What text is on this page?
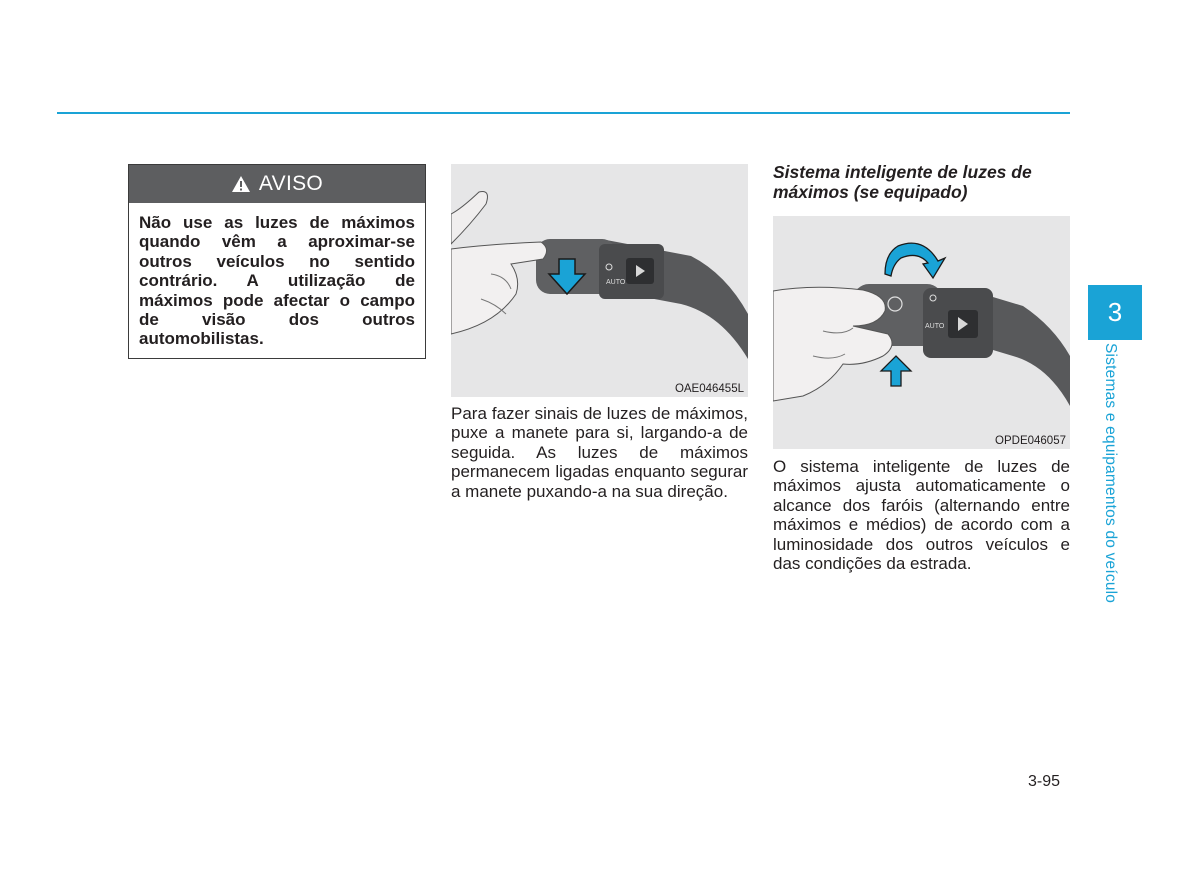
AVISO
Não use as luzes de máximos quando vêm a aproximar-se outros veículos no sentido contrário. A utilização de máximos pode afectar o campo de visão dos outros automobilistas.
AUTO
OAE046455L
Para fazer sinais de luzes de máximos, puxe a manete para si, largando-a de seguida. As luzes de máximos permanecem ligadas enquanto segurar a manete puxando-a na sua direção.
Sistema inteligente de luzes de máximos (se equipado)
AUTO
OPDE046057
O sistema inteligente de luzes de máximos ajusta automaticamente o alcance dos faróis (alternando entre máximos e médios) de acordo com a luminosidade dos outros veículos e das condições da estrada.
3
Sistemas e equipamentos do veículo
3-95
